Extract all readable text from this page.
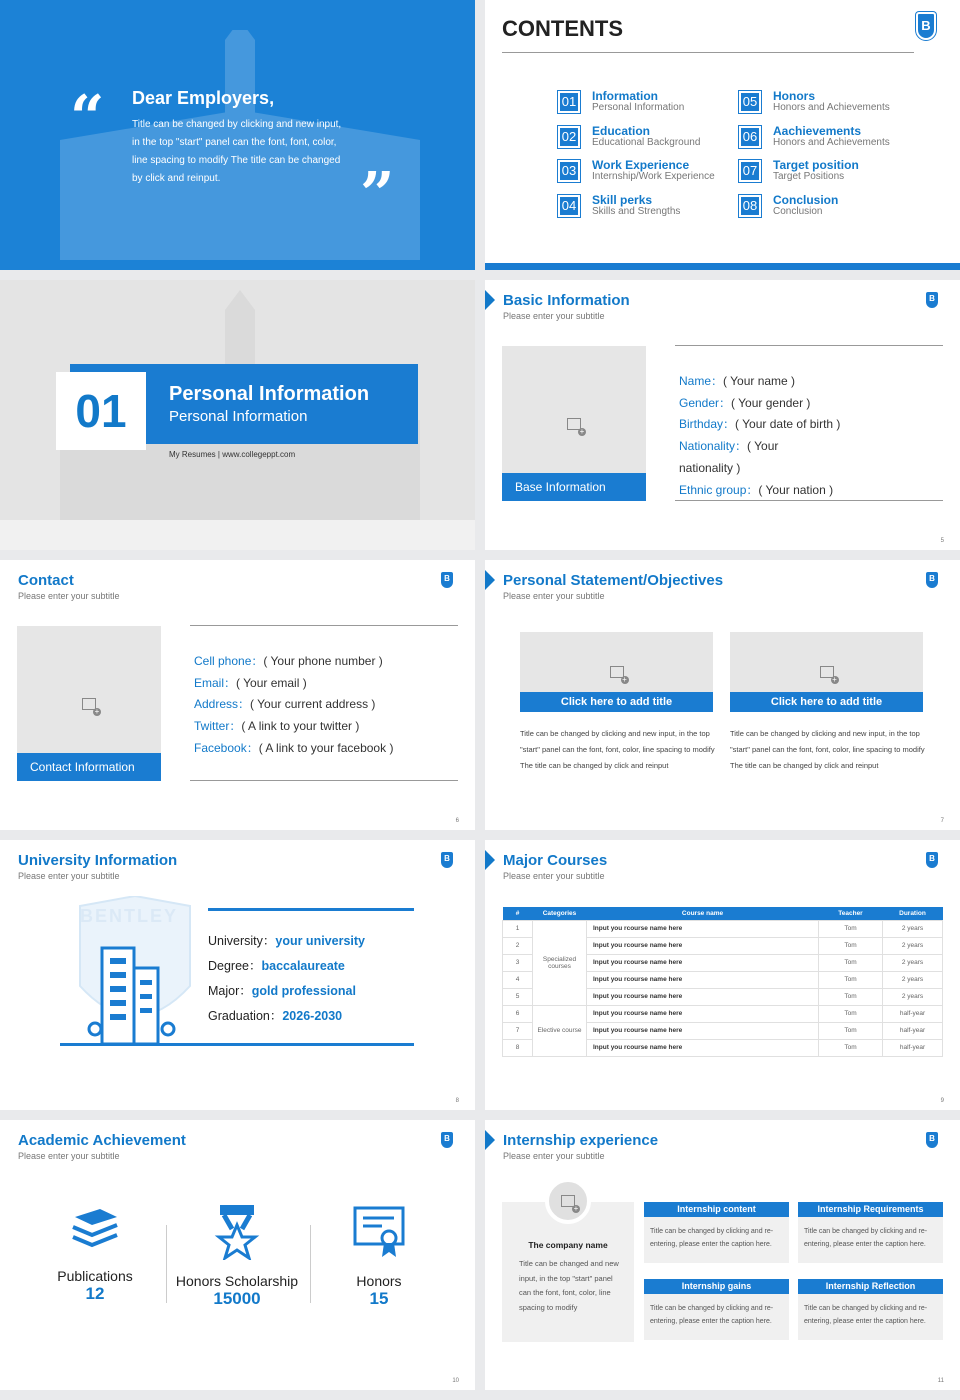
“ Dear Employers,
Title can be changed by clicking and new input, in the top "start" panel can the font, font, color, line spacing to modify The title can be changed by click and reinput.	”
CONTENTS	B
01	Information
Personal Information
02	Education
Educational Background
03	Work Experience
Internship/Work Experience
04	Skill perks
Skills and Strengths
05	Honors
Honors and Achievements
06	Aachievements
Honors and Achievements
07	Target position
Target Positions
08	Conclusion
Conclusion
01	Personal Information
Personal Information
My Resumes | www.collegeppt.com
Basic Information
Please enter your subtitle
B
+
Base Information
Name：( Your name )
Gender：( Your gender )
Birthday：( Your date of birth )
Nationality：( Your
nationality )
Ethnic group：( Your nation )
5
Contact
Please enter your subtitle
B
+
Contact Information
Cell phone：( Your phone number )
Email：( Your email )
Address：( Your current address )
Twitter：( A link to your twitter )
Facebook：( A link to your facebook )
6
Personal Statement/Objectives
Please enter your subtitle
B
+
Click here to add title
Title can be changed by clicking and new input, in the top "start" panel can the font, font, color, line spacing to modify The title can be changed by click and reinput
+
Click here to add title
Title can be changed by clicking and new input, in the top "start" panel can the font, font, color, line spacing to modify The title can be changed by click and reinput
7
University Information
Please enter your subtitle
B
BENTLEY
University：your university
Degree：baccalaureate
Major：gold professional
Graduation：2026-2030
8
Major Courses
Please enter your subtitle
B
#	Categories	Course name	Teacher	Duration
1	Specialized courses	Input you rcourse name here	Tom	2 years
2		Input you rcourse name here	Tom	2 years
3		Input you rcourse name here	Tom	2 years
4		Input you rcourse name here	Tom	2 years
5		Input you rcourse name here	Tom	2 years
6	Elective course	Input you rcourse name here	Tom	half-year
7		Input you rcourse name here	Tom	half-year
8		Input you rcourse name here	Tom	half-year
9
Academic Achievement
Please enter your subtitle
B
Publications
12
Honors Scholarship
15000
Honors
15
10
Internship experience
Please enter your subtitle
B
+
The company name
Title can be changed and new input, in the top "start" panel can the font, font, color, line spacing to modify
Internship content
Title can be changed by clicking and re-entering, please enter the caption here.
Internship Requirements
Title can be changed by clicking and re-entering, please enter the caption here.
Internship gains
Title can be changed by clicking and re-entering, please enter the caption here.
Internship Reflection
Title can be changed by clicking and re-entering, please enter the caption here.
11
